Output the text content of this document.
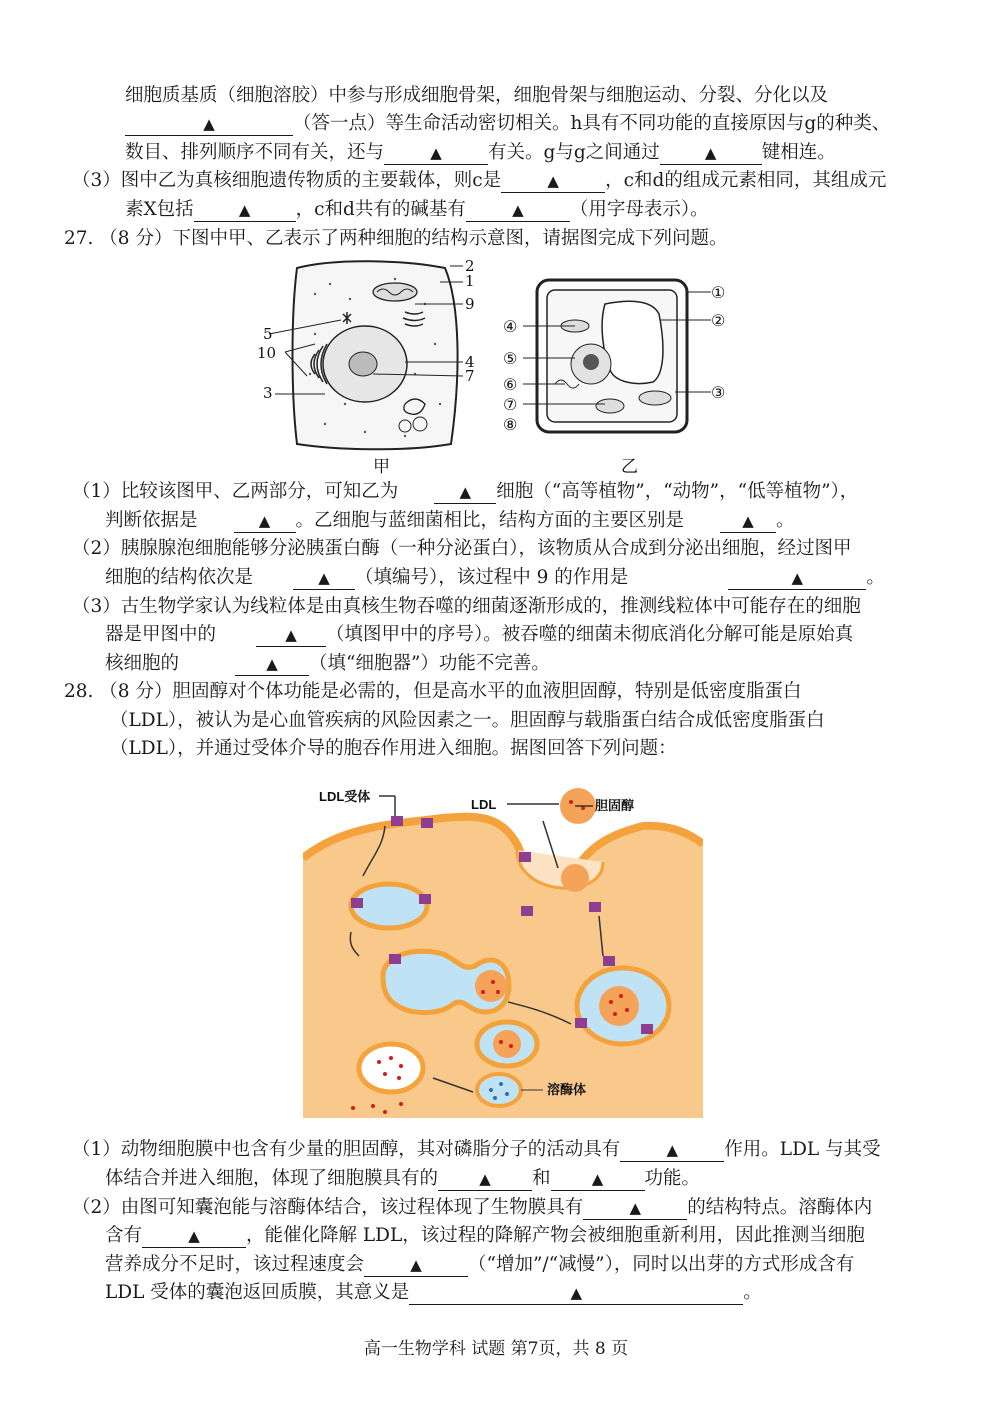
细胞质基质（细胞溶胶）中参与形成细胞骨架，细胞骨架与细胞运动、分裂、分化以及
▲	（答一点）等生命活动密切相关。h具有不同功能的直接原因与g的种类、
数目、排列顺序不同有关，还与	▲ 有关。g与g之间通过	▲ 键相连。
（3）图中乙为真核细胞遗传物质的主要载体，则c是	▲ ，c和d的组成元素相同，其组成元
素X包括	▲ ，c和d共有的碱基有	▲ （用字母表示）。
27. （8 分）下图中甲、乙表示了两种细胞的结构示意图，请据图完成下列问题。
2
1
9
5
10	4
7
3
①
②
③
④
⑤
⑥
⑦
⑧
甲	乙
（1）比较该图甲、乙两部分，可知乙为	▲ 细胞（“高等植物”，“动物”，“低等植物”），
判断依据是	▲ 。乙细胞与蓝细菌相比，结构方面的主要区别是	▲ 。
（2）胰腺腺泡细胞能够分泌胰蛋白酶（一种分泌蛋白），该物质从合成到分泌出细胞，经过图甲
细胞的结构依次是	▲ （填编号），该过程中 9 的作用是	▲	。
（3）古生物学家认为线粒体是由真核生物吞噬的细菌逐渐形成的，推测线粒体中可能存在的细胞
器是甲图中的	▲ （填图甲中的序号）。被吞噬的细菌未彻底消化分解可能是原始真
核细胞的	▲ （填“细胞器”）功能不完善。
28. （8 分）胆固醇对个体功能是必需的，但是高水平的血液胆固醇，特别是低密度脂蛋白
（LDL），被认为是心血管疾病的风险因素之一。胆固醇与载脂蛋白结合成低密度脂蛋白
（LDL），并通过受体介导的胞吞作用进入细胞。据图回答下列问题：
LDL受体
LDL	胆固醇
溶酶体
（1）动物细胞膜中也含有少量的胆固醇，其对磷脂分子的活动具有	▲ 作用。LDL 与其受
体结合并进入细胞，体现了细胞膜具有的	▲ 和	▲ 功能。
（2）由图可知囊泡能与溶酶体结合，该过程体现了生物膜具有	▲ 的结构特点。溶酶体内
含有	▲ ，能催化降解 LDL，该过程的降解产物会被细胞重新利用，因此推测当细胞
营养成分不足时，该过程速度会	▲ （“增加”/“减慢”），同时以出芽的方式形成含有
LDL 受体的囊泡返回质膜，其意义是	▲	。
高一生物学科 试题 第7页，共 8 页
